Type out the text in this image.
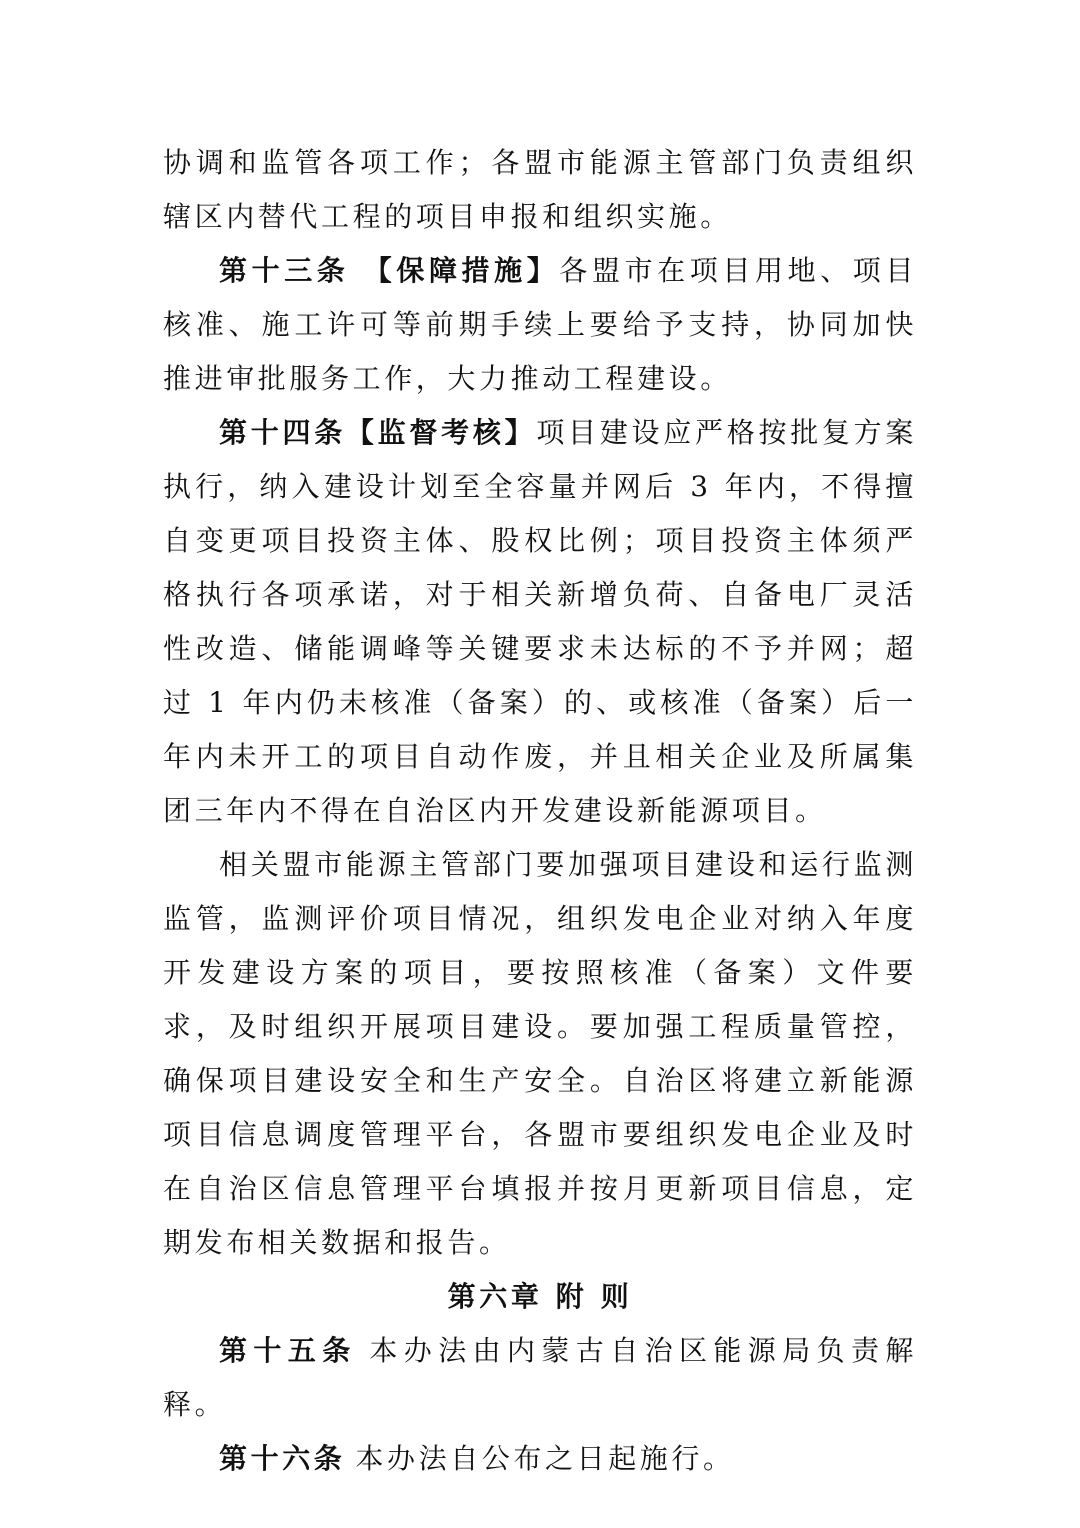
协调和监管各项工作；各盟市能源主管部门负责组织辖区内替代工程的项目申报和组织实施。

第十三条 【保障措施】各盟市在项目用地、项目核准、施工许可等前期手续上要给予支持，协同加快推进审批服务工作，大力推动工程建设。

第十四条【监督考核】项目建设应严格按批复方案执行，纳入建设计划至全容量并网后 3 年内，不得擅自变更项目投资主体、股权比例；项目投资主体须严格执行各项承诺，对于相关新增负荷、自备电厂灵活性改造、储能调峰等关键要求未达标的不予并网；超过 1 年内仍未核准（备案）的、或核准（备案）后一年内未开工的项目自动作废，并且相关企业及所属集团三年内不得在自治区内开发建设新能源项目。

相关盟市能源主管部门要加强项目建设和运行监测监管，监测评价项目情况，组织发电企业对纳入年度开发建设方案的项目，要按照核准（备案）文件要求，及时组织开展项目建设。要加强工程质量管控，确保项目建设安全和生产安全。自治区将建立新能源项目信息调度管理平台，各盟市要组织发电企业及时在自治区信息管理平台填报并按月更新项目信息，定期发布相关数据和报告。

第六章 附 则

第十五条 本办法由内蒙古自治区能源局负责解释。

第十六条 本办法自公布之日起施行。
